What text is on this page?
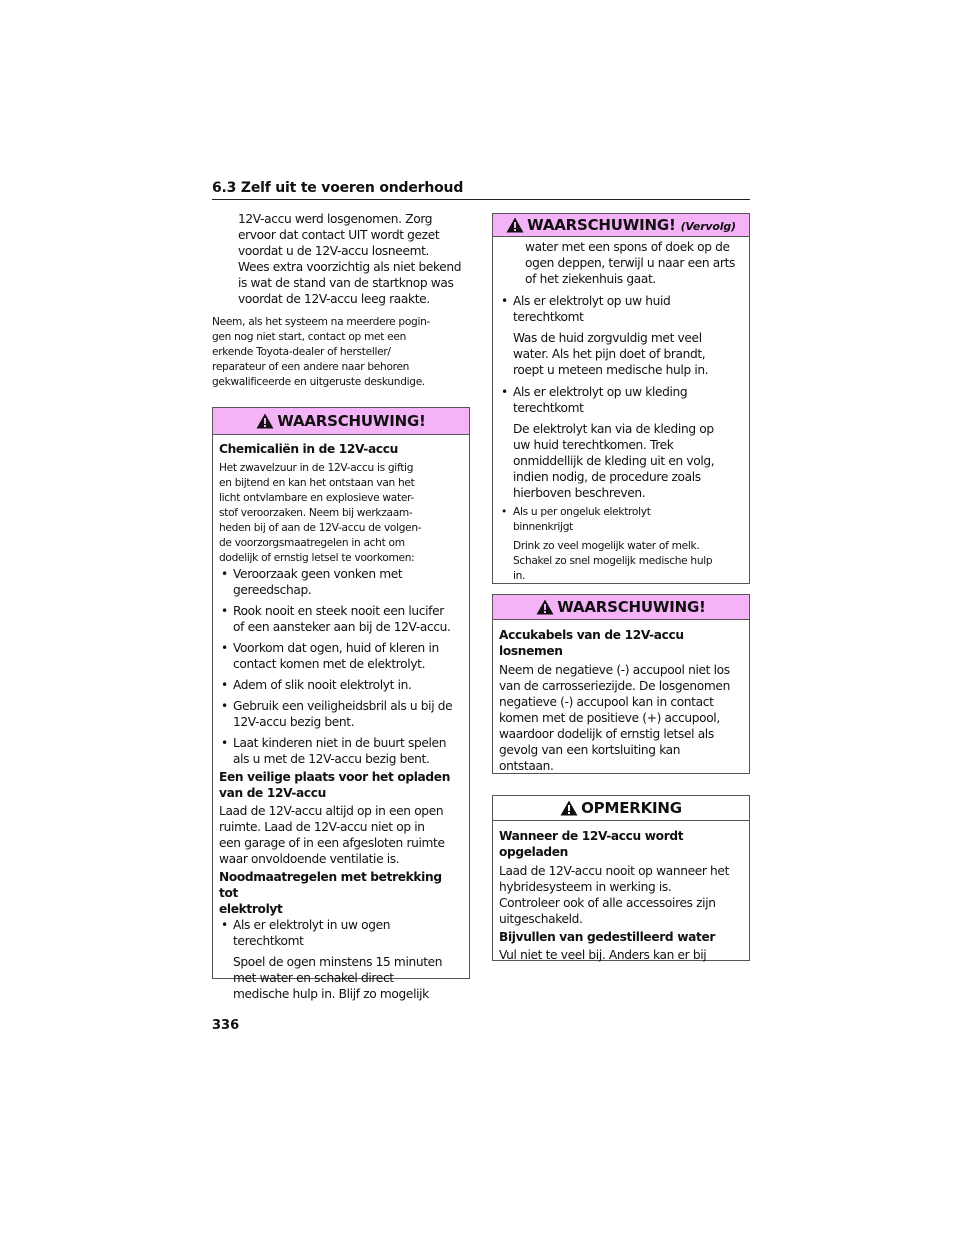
6.3 Zelf uit te voeren onderhoud
12V-accu werd losgenomen. Zorg
ervoor dat contact UIT wordt gezet
voordat u de 12V-accu losneemt.
Wees extra voorzichtig als niet bekend
is wat de stand van de startknop was
voordat de 12V-accu leeg raakte.
Neem, als het systeem na meerdere pogin-
gen nog niet start, contact op met een
erkende Toyota-dealer of hersteller/
reparateur of een andere naar behoren
gekwalificeerde en uitgeruste deskundige.
WAARSCHUWING!
Chemicaliën in de 12V-accu
Het zwavelzuur in de 12V-accu is giftig
en bijtend en kan het ontstaan van het
licht ontvlambare en explosieve water-
stof veroorzaken. Neem bij werkzaam-
heden bij of aan de 12V-accu de volgen-
de voorzorgsmaatregelen in acht om
dodelijk of ernstig letsel te voorkomen:
• Veroorzaak geen vonken met
gereedschap.
• Rook nooit en steek nooit een lucifer
of een aansteker aan bij de 12V-accu.
• Voorkom dat ogen, huid of kleren in
contact komen met de elektrolyt.
• Adem of slik nooit elektrolyt in.
• Gebruik een veiligheidsbril als u bij de
12V-accu bezig bent.
• Laat kinderen niet in de buurt spelen
als u met de 12V-accu bezig bent.
Een veilige plaats voor het opladen
van de 12V-accu
Laad de 12V-accu altijd op in een open
ruimte. Laad de 12V-accu niet op in
een garage of in een afgesloten ruimte
waar onvoldoende ventilatie is.
Noodmaatregelen met betrekking tot
elektrolyt
• Als er elektrolyt in uw ogen
terechtkomt
Spoel de ogen minstens 15 minuten
met water en schakel direct
medische hulp in. Blijf zo mogelijk
WAARSCHUWING! (Vervolg)
water met een spons of doek op de
ogen deppen, terwijl u naar een arts
of het ziekenhuis gaat.
• Als er elektrolyt op uw huid
terechtkomt
Was de huid zorgvuldig met veel
water. Als het pijn doet of brandt,
roept u meteen medische hulp in.
• Als er elektrolyt op uw kleding
terechtkomt
De elektrolyt kan via de kleding op
uw huid terechtkomen. Trek
onmiddellijk de kleding uit en volg,
indien nodig, de procedure zoals
hierboven beschreven.
• Als u per ongeluk elektrolyt
binnenkrijgt
Drink zo veel mogelijk water of melk.
Schakel zo snel mogelijk medische hulp
in.
WAARSCHUWING!
Accukabels van de 12V-accu
losnemen
Neem de negatieve (-) accupool niet los
van de carrosseriezijde. De losgenomen
negatieve (-) accupool kan in contact
komen met de positieve (+) accupool,
waardoor dodelijk of ernstig letsel als
gevolg van een kortsluiting kan
ontstaan.
OPMERKING
Wanneer de 12V-accu wordt
opgeladen
Laad de 12V-accu nooit op wanneer het
hybridesysteem in werking is.
Controleer ook of alle accessoires zijn
uitgeschakeld.
Bijvullen van gedestilleerd water
Vul niet te veel bij. Anders kan er bij
336
